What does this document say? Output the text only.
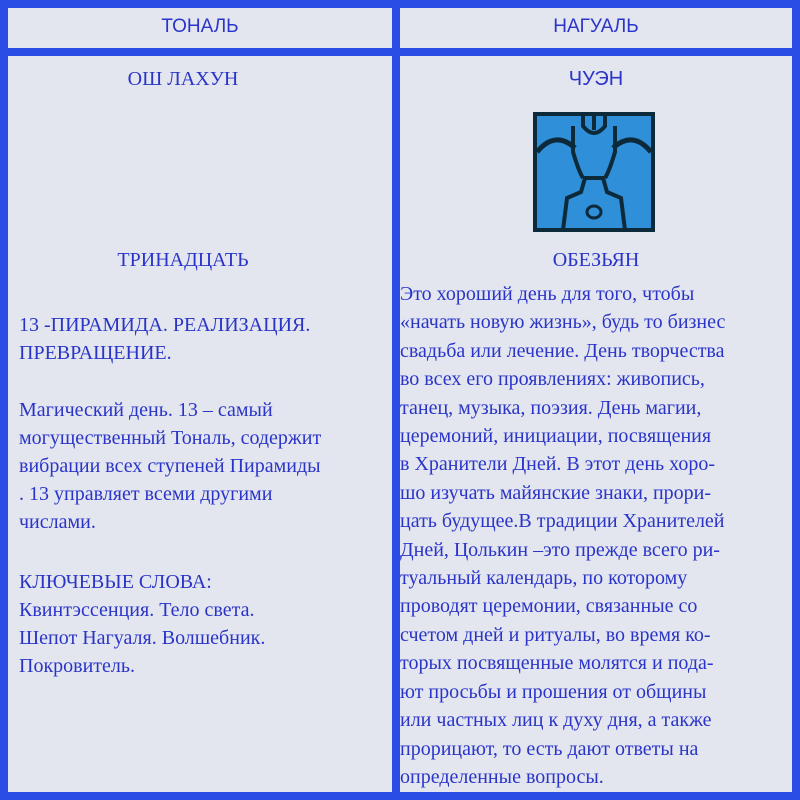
ТОНАЛЬ	НАГУАЛЬ

ОШ ЛАХУН

ТРИНАДЦАТЬ

13 -ПИРАМИДА. РЕАЛИЗАЦИЯ.
ПРЕВРАЩЕНИЕ.

Магический день. 13 – самый
могущественный Тональ, содержит
вибрации всех ступеней Пирамиды
. 13 управляет всеми другими
числами.

КЛЮЧЕВЫЕ СЛОВА:
Квинтэссенция. Тело света.
Шепот Нагуаля. Волшебник.
Покровитель.

ЧУЭН

ОБЕЗЬЯН

Это хороший день для того, чтобы
«начать новую жизнь», будь то бизнес
свадьба или лечение. День творчества
во всех его проявлениях: живопись,
танец, музыка, поэзия. День магии,
церемоний, инициации, посвящения
в Хранители Дней. В этот день хоро-
шо изучать майянские знаки, прори-
цать будущее.В традиции Хранителей
Дней, Цолькин –это прежде всего ри-
туальный календарь, по которому
проводят церемонии, связанные со
счетом дней и ритуалы, во время ко-
торых посвященные молятся и пода-
ют просьбы и прошения от общины
или частных лиц к духу дня, а также
прорицают, то есть дают ответы на
определенные вопросы.
